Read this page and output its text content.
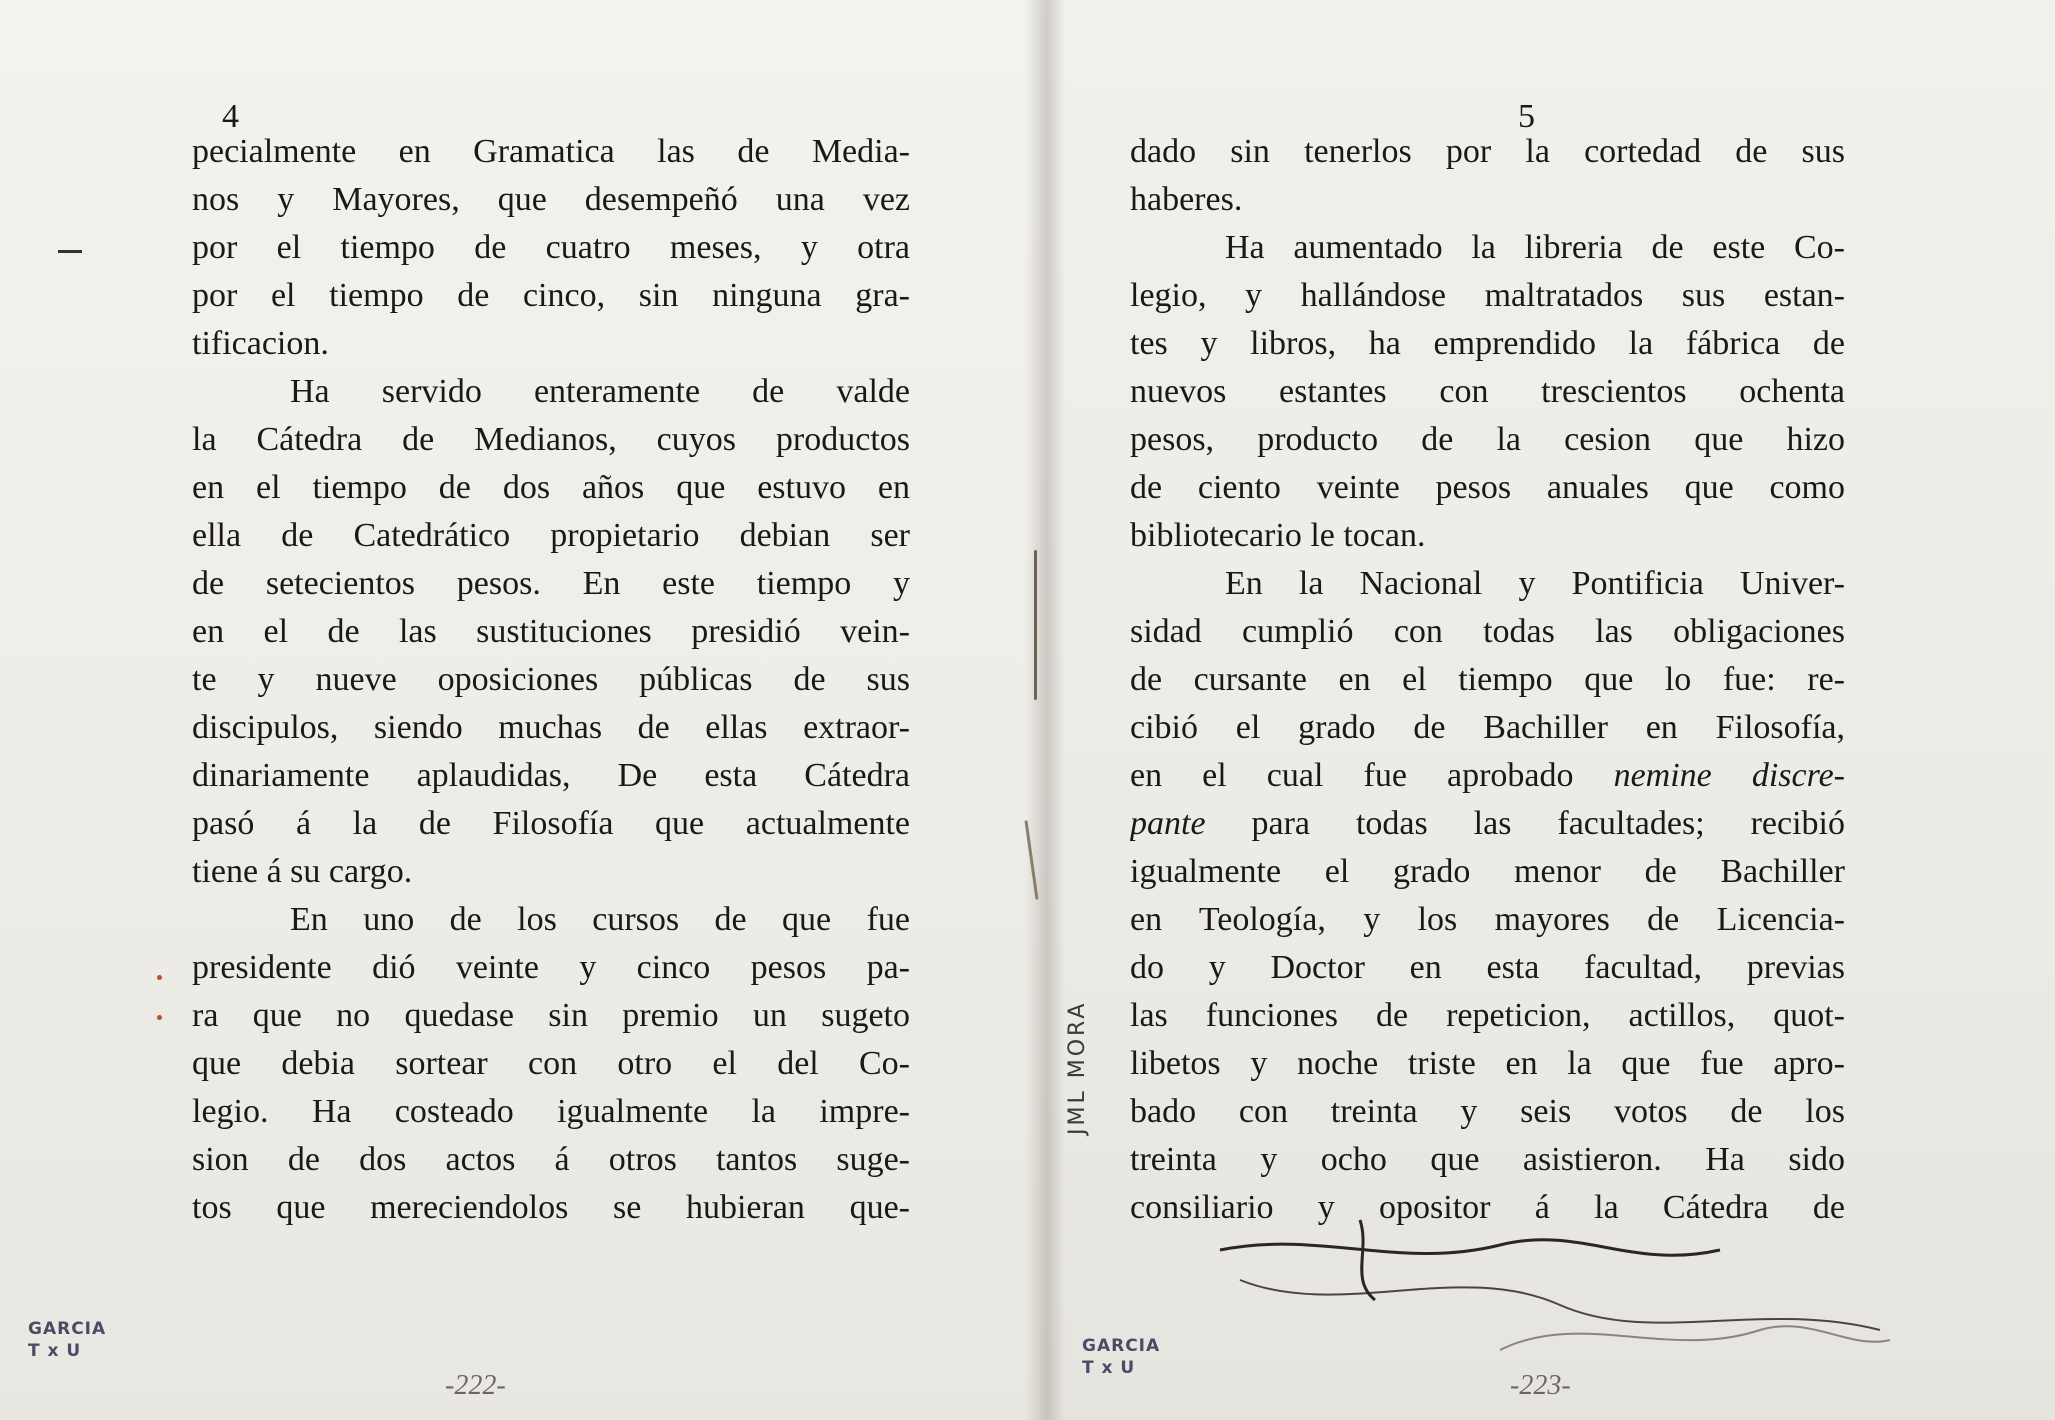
4
pecialmente en Gramatica las de Media-
nos y Mayores, que desempeñó una vez
por el tiempo de cuatro meses, y otra
por el tiempo de cinco, sin ninguna gra-
tificacion.
Ha servido enteramente de valde
la Cátedra de Medianos, cuyos productos
en el tiempo de dos años que estuvo en
ella de Catedrático propietario debian ser
de setecientos pesos. En este tiempo y
en el de las sustituciones presidió vein-
te y nueve oposiciones públicas de sus
discipulos, siendo muchas de ellas extraor-
dinariamente aplaudidas, De esta Cátedra
pasó á la de Filosofía que actualmente
tiene á su cargo.
En uno de los cursos de que fue
presidente dió veinte y cinco pesos pa-
ra que no quedase sin premio un sugeto
que debia sortear con otro el del Co-
legio. Ha costeado igualmente la impre-
sion de dos actos á otros tantos suge-
tos que mereciendolos se hubieran que-
GARCIA
T x U
-222-
5
dado sin tenerlos por la cortedad de sus
haberes.
Ha aumentado la libreria de este Co-
legio, y hallándose maltratados sus estan-
tes y libros, ha emprendido la fábrica de
nuevos estantes con trescientos ochenta
pesos, producto de la cesion que hizo
de ciento veinte pesos anuales que como
bibliotecario le tocan.
En la Nacional y Pontificia Univer-
sidad cumplió con todas las obligaciones
de cursante en el tiempo que lo fue: re-
cibió el grado de Bachiller en Filosofía,
en el cual fue aprobado nemine discre-
pante para todas las facultades; recibió
igualmente el grado menor de Bachiller
en Teología, y los mayores de Licencia-
do y Doctor en esta facultad, previas
las funciones de repeticion, actillos, quot-
libetos y noche triste en la que fue apro-
bado con treinta y seis votos de los
treinta y ocho que asistieron. Ha sido
consiliario y opositor á la Cátedra de
JML MORA
GARCIA
T x U
-223-
